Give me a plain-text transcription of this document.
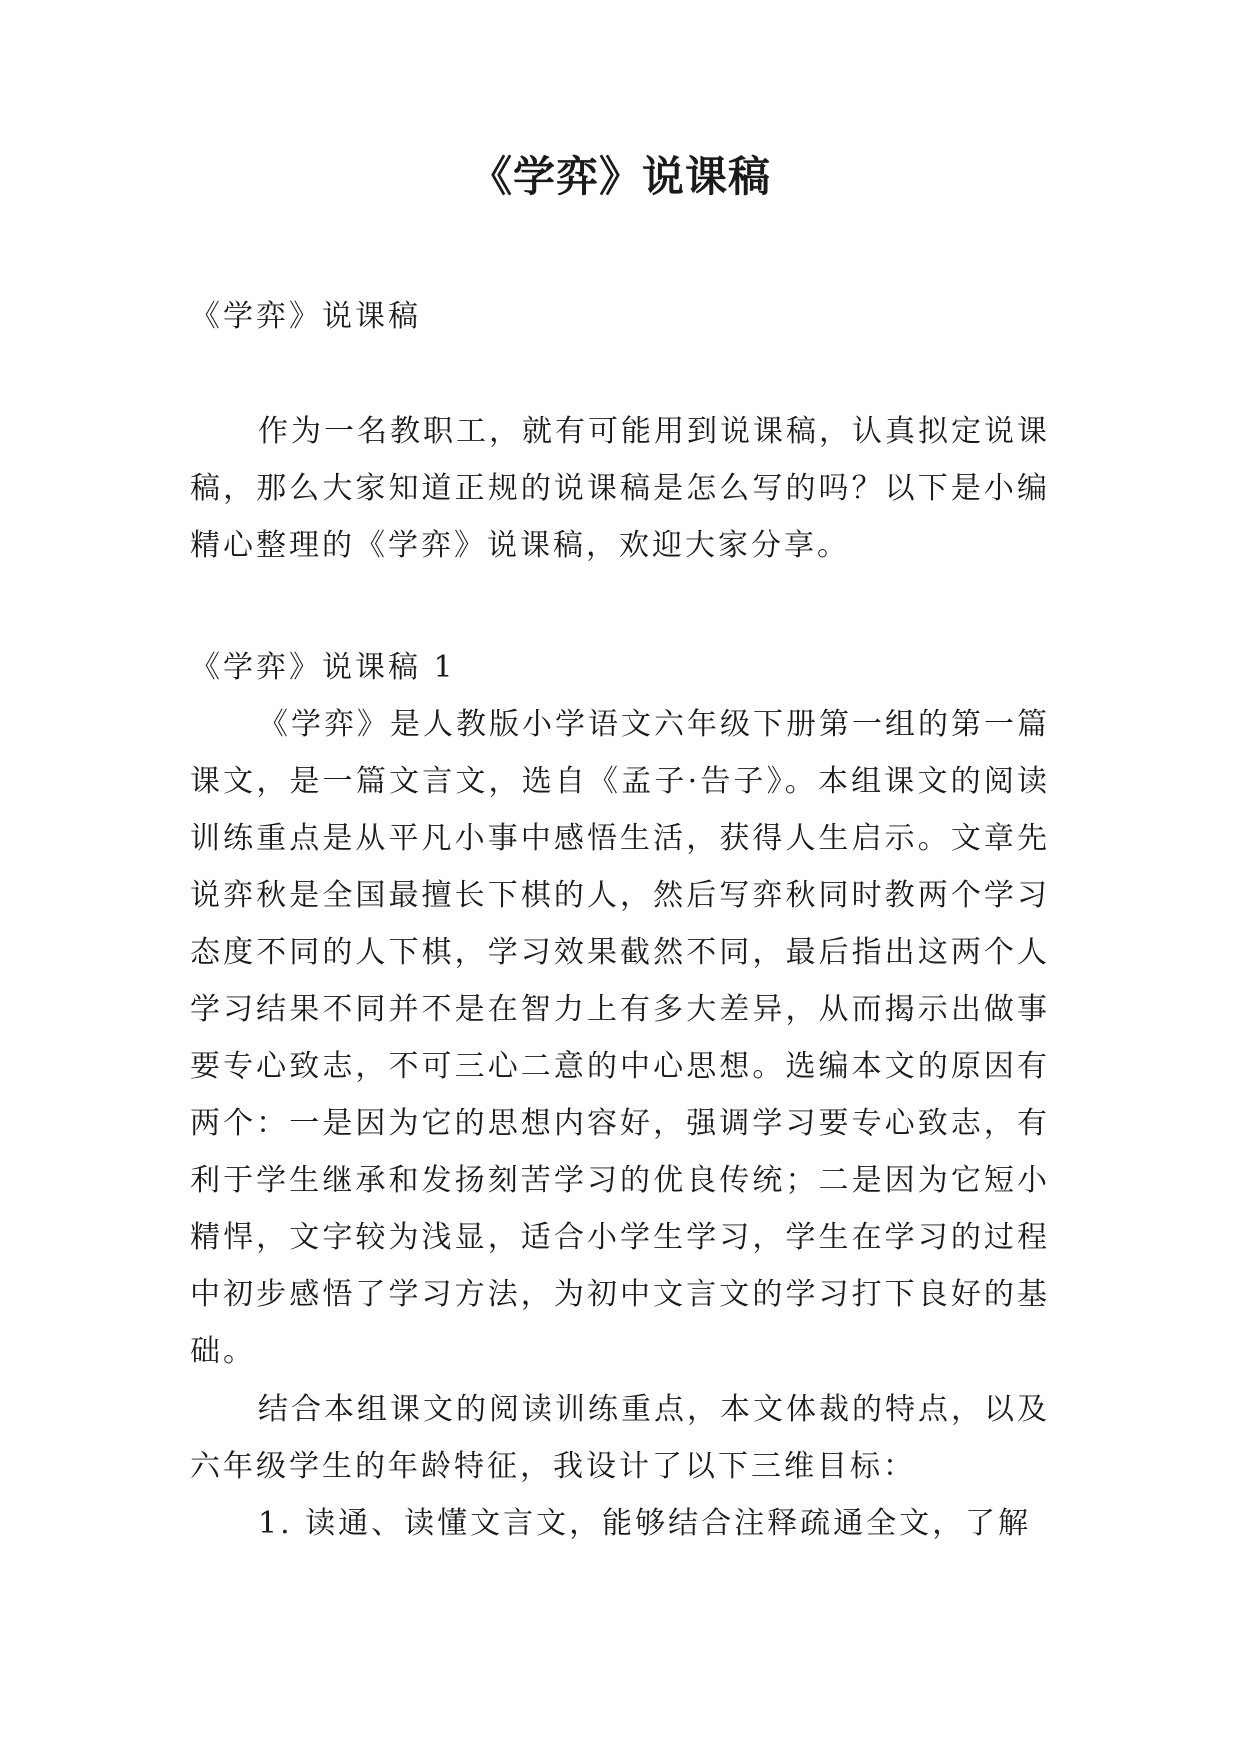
《学弈》说课稿

《学弈》说课稿

作为一名教职工，就有可能用到说课稿，认真拟定说课稿，那么大家知道正规的说课稿是怎么写的吗？以下是小编精心整理的《学弈》说课稿，欢迎大家分享。

《学弈》说课稿 1

《学弈》是人教版小学语文六年级下册第一组的第一篇课文，是一篇文言文，选自《孟子·告子》。本组课文的阅读训练重点是从平凡小事中感悟生活，获得人生启示。文章先说弈秋是全国最擅长下棋的人，然后写弈秋同时教两个学习态度不同的人下棋，学习效果截然不同，最后指出这两个人学习结果不同并不是在智力上有多大差异，从而揭示出做事要专心致志，不可三心二意的中心思想。选编本文的原因有两个：一是因为它的思想内容好，强调学习要专心致志，有利于学生继承和发扬刻苦学习的优良传统；二是因为它短小精悍，文字较为浅显，适合小学生学习，学生在学习的过程中初步感悟了学习方法，为初中文言文的学习打下良好的基础。

结合本组课文的阅读训练重点，本文体裁的特点，以及六年级学生的年龄特征，我设计了以下三维目标：

1. 读通、读懂文言文，能够结合注释疏通全文，了解
